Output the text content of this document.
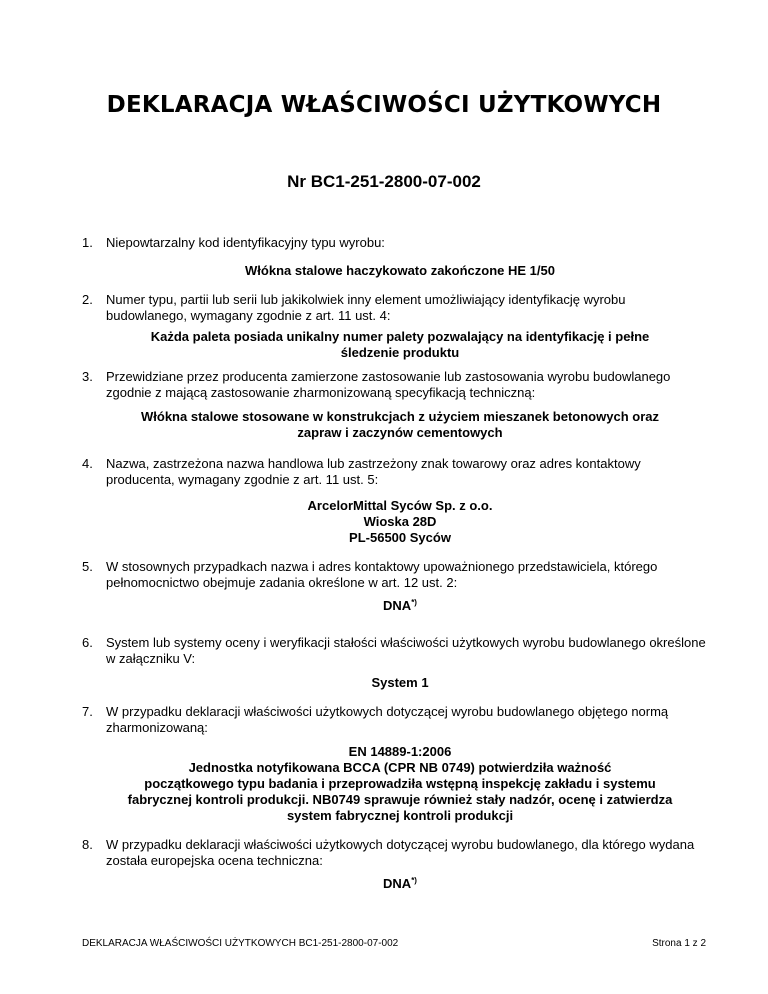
DEKLARACJA WŁAŚCIWOŚCI UŻYTKOWYCH
Nr BC1-251-2800-07-002
1. Niepowtarzalny kod identyfikacyjny typu wyrobu:
Włókna stalowe haczykowato zakończone HE 1/50
2. Numer typu, partii lub serii lub jakikolwiek inny element umożliwiający identyfikację wyrobu budowlanego, wymagany zgodnie z art. 11 ust. 4:
Każda paleta posiada unikalny numer palety pozwalający na identyfikację i pełne
śledzenie produktu
3. Przewidziane przez producenta zamierzone zastosowanie lub zastosowania wyrobu budowlanego zgodnie z mającą zastosowanie zharmonizowaną specyfikacją techniczną:
Włókna stalowe stosowane w konstrukcjach z użyciem mieszanek betonowych oraz
zapraw i zaczynów cementowych
4. Nazwa, zastrzeżona nazwa handlowa lub zastrzeżony znak towarowy oraz adres kontaktowy producenta, wymagany zgodnie z art. 11 ust. 5:
ArcelorMittal Syców Sp. z o.o.
Wioska 28D
PL-56500 Syców
5. W stosownych przypadkach nazwa i adres kontaktowy upoważnionego przedstawiciela, którego pełnomocnictwo obejmuje zadania określone w art. 12 ust. 2:
DNA*)
6. System lub systemy oceny i weryfikacji stałości właściwości użytkowych wyrobu budowlanego określone w załączniku V:
System 1
7. W przypadku deklaracji właściwości użytkowych dotyczącej wyrobu budowlanego objętego normą zharmonizowaną:
EN 14889-1:2006
Jednostka notyfikowana BCCA (CPR NB 0749) potwierdziła ważność
początkowego typu badania i przeprowadziła wstępną inspekcję zakładu i systemu
fabrycznej kontroli produkcji. NB0749 sprawuje również stały nadzór, ocenę i zatwierdza
system fabrycznej kontroli produkcji
8. W przypadku deklaracji właściwości użytkowych dotyczącej wyrobu budowlanego, dla którego wydana została europejska ocena techniczna:
DNA*)
DEKLARACJA WŁAŚCIWOŚCI UŻYTKOWYCH BC1-251-2800-07-002	Strona 1 z 2
